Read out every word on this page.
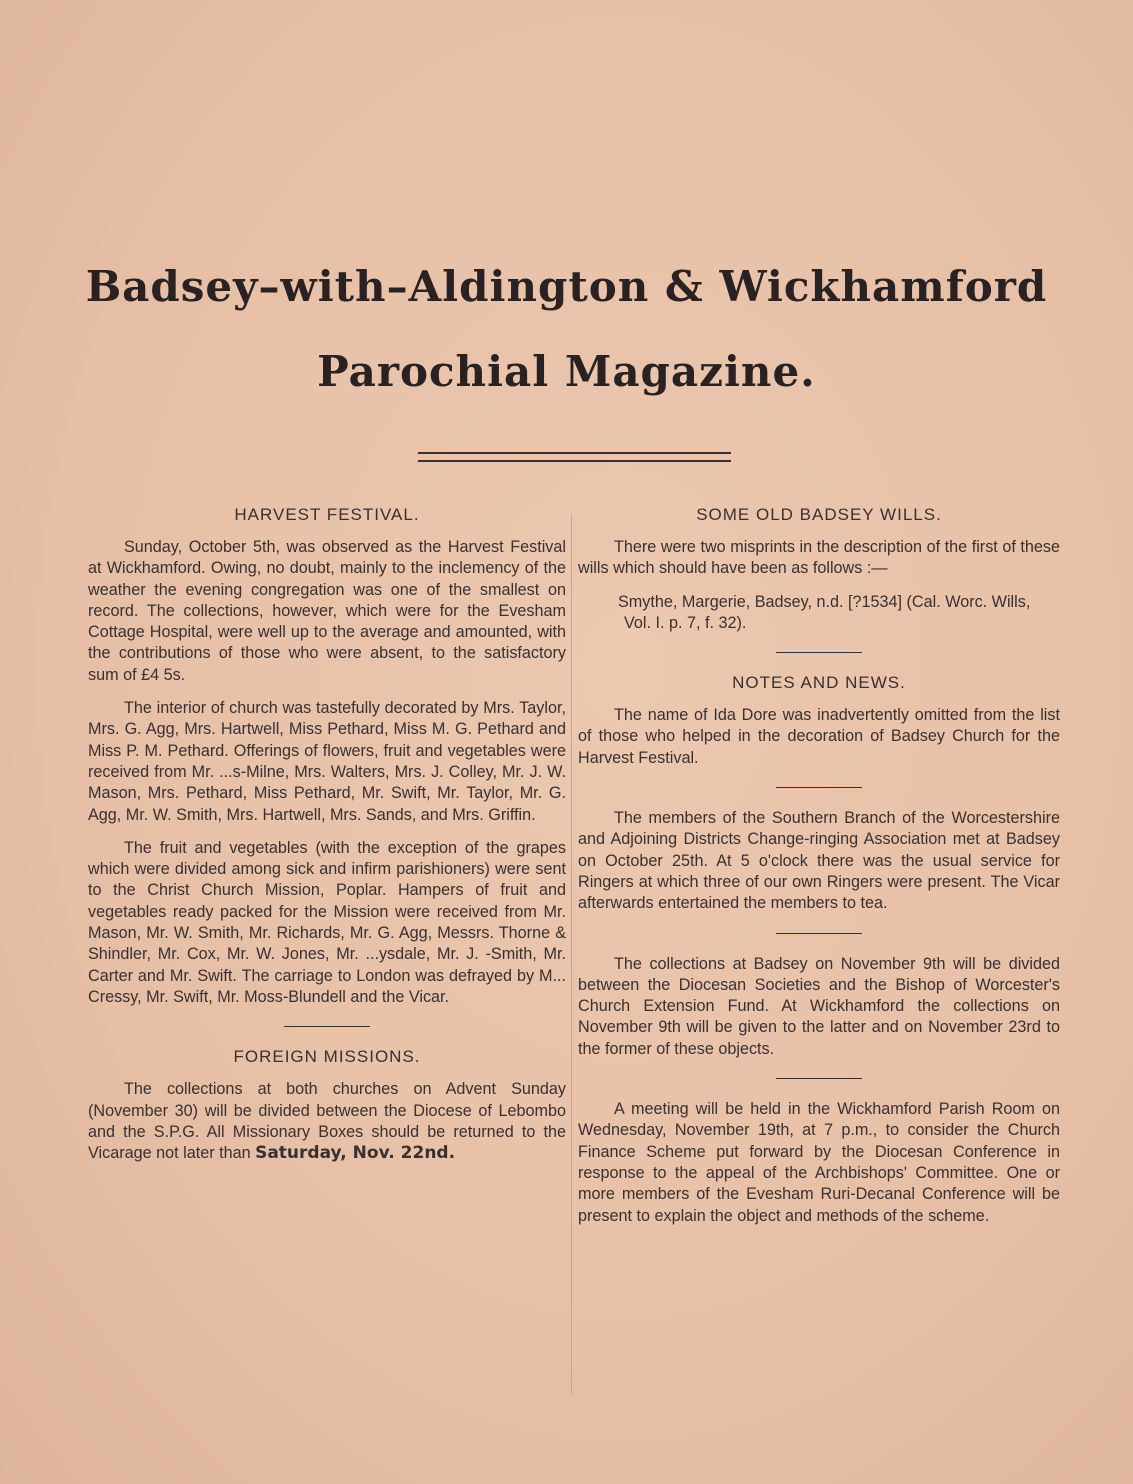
Badsey–with–Aldington & Wickhamford
Parochial Magazine.
HARVEST FESTIVAL.

Sunday, October 5th, was observed as the Harvest Festival at Wickhamford. Owing, no doubt, mainly to the inclemency of the weather the evening congregation was one of the smallest on record. The collections, however, which were for the Evesham Cottage Hospital, were well up to the average and amounted, with the contributions of those who were absent, to the satisfactory sum of £4 5s.

The interior of church was tastefully decorated by Mrs. Taylor, Mrs. G. Agg, Mrs. Hartwell, Miss Pethard, Miss M. G. Pethard and Miss P. M. Pethard. Offerings of flowers, fruit and vegetables were received from Mr. ...s-Milne, Mrs. Walters, Mrs. J. Colley, Mr. J. W. Mason, Mrs. Pethard, Miss Pethard, Mr. Swift, Mr. Taylor, Mr. G. Agg, Mr. W. Smith, Mrs. Hartwell, Mrs. Sands, and Mrs. Griffin.

The fruit and vegetables (with the exception of the grapes which were divided among sick and infirm parishioners) were sent to the Christ Church Mission, Poplar. Hampers of fruit and vegetables ready packed for the Mission were received from Mr. Mason, Mr. W. Smith, Mr. Richards, Mr. G. Agg, Messrs. Thorne & Shindler, Mr. Cox, Mr. W. Jones, Mr. ...ysdale, Mr. J. -Smith, Mr. Carter and Mr. Swift. The carriage to London was defrayed by M... Cressy, Mr. Swift, Mr. Moss-Blundell and the Vicar.

FOREIGN MISSIONS.

The collections at both churches on Advent Sunday (November 30) will be divided between the Diocese of Lebombo and the S.P.G. All Missionary Boxes should be returned to the Vicarage not later than Saturday, Nov. 22nd.

SOME OLD BADSEY WILLS.

There were two misprints in the description of the first of these wills which should have been as follows :—

Smythe, Margerie, Badsey, n.d. [?1534] (Cal. Worc. Wills, Vol. I. p. 7, f. 32).

NOTES AND NEWS.

The name of Ida Dore was inadvertently omitted from the list of those who helped in the decoration of Badsey Church for the Harvest Festival.

The members of the Southern Branch of the Worcestershire and Adjoining Districts Change-ringing Association met at Badsey on October 25th. At 5 o'clock there was the usual service for Ringers at which three of our own Ringers were present. The Vicar afterwards entertained the members to tea.

The collections at Badsey on November 9th will be divided between the Diocesan Societies and the Bishop of Worcester's Church Extension Fund. At Wickhamford the collections on November 9th will be given to the latter and on November 23rd to the former of these objects.

A meeting will be held in the Wickhamford Parish Room on Wednesday, November 19th, at 7 p.m., to consider the Church Finance Scheme put forward by the Diocesan Conference in response to the appeal of the Archbishops' Committee. One or more members of the Evesham Ruri-Decanal Conference will be present to explain the object and methods of the scheme.
